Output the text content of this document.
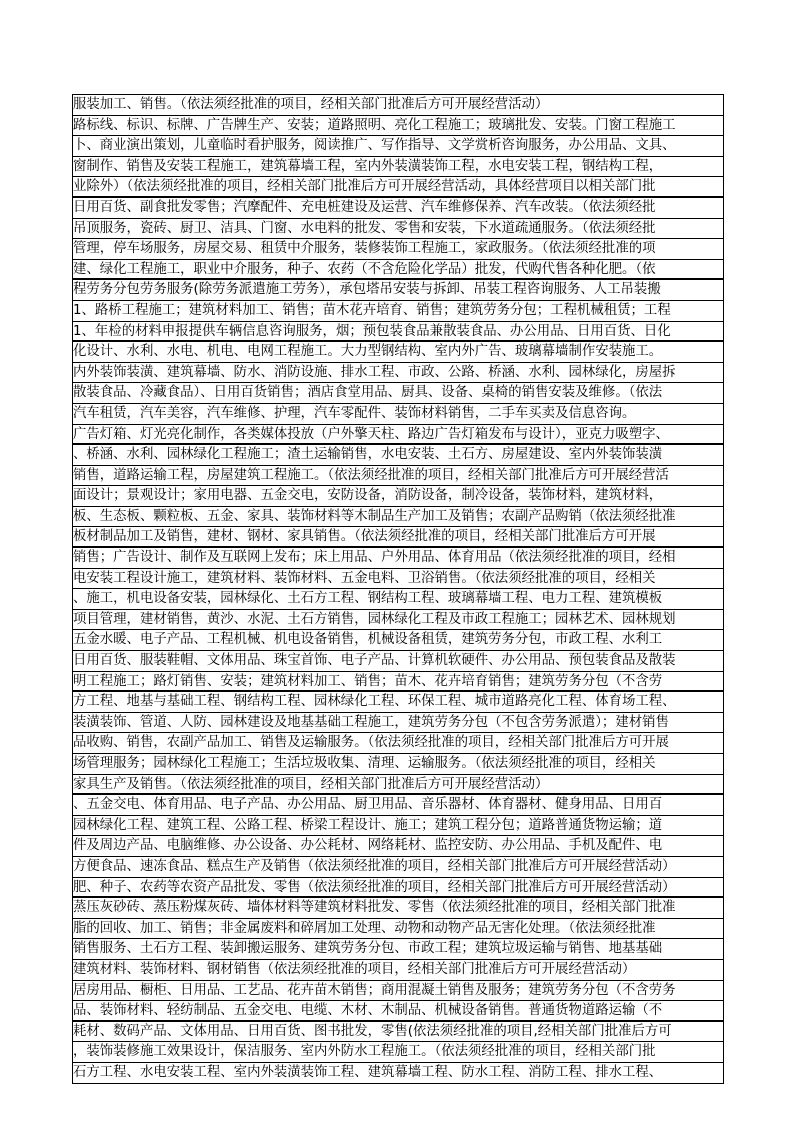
服装加工、销售。（依法须经批准的项目，经相关部门批准后方可开展经营活动）
路标线、标识、标牌、广告牌生产、安装；道路照明、亮化工程施工；玻璃批发、安装。门窗工程施工
卜、商业演出策划，儿童临时看护服务，阅读推广、写作指导、文学赏析咨询服务，办公用品、文具、
窗制作、销售及安装工程施工，建筑幕墙工程，室内外装潢装饰工程，水电安装工程，钢结构工程，
业除外）（依法须经批准的项目，经相关部门批准后方可开展经营活动，具体经营项目以相关部门批
日用百货、副食批发零售；汽摩配件、充电桩建设及运营、汽车维修保养、汽车改装。（依法须经批
吊顶服务，瓷砖、厨卫、洁具、门窗、水电料的批发、零售和安装，下水道疏通服务。（依法须经批
管理，停车场服务，房屋交易、租赁中介服务，装修装饰工程施工，家政服务。（依法须经批准的项
建、绿化工程施工，职业中介服务，种子、农药（不含危险化学品）批发，代购代售各种化肥。（依
程劳务分包劳务服务(除劳务派遣施工劳务），承包塔吊安装与拆卸、吊装工程咨询服务、人工吊装搬
1、路桥工程施工；建筑材料加工、销售；苗木花卉培育、销售；建筑劳务分包；工程机械租赁；工程
1、年检的材料申报提供车辆信息咨询服务，烟；预包装食品兼散装食品、办公用品、日用百货、日化
化设计、水利、水电、机电、电网工程施工。大力型钢结构、室内外广告、玻璃幕墙制作安装施工。
内外装饰装潢、建筑幕墙、防水、消防设施、排水工程、市政、公路、桥涵、水利、园林绿化，房屋拆
散装食品、冷藏食品）、日用百货销售；酒店食堂用品、厨具、设备、桌椅的销售安装及维修。（依法
汽车租赁，汽车美容，汽车维修、护理，汽车零配件、装饰材料销售，二手车买卖及信息咨询。
广告灯箱、灯光亮化制作，各类媒体投放（户外擎天柱、路边广告灯箱发布与设计），亚克力吸塑字、
、桥涵、水利、园林绿化工程施工；渣土运输销售，水电安装、土石方、房屋建设、室内外装饰装潢
销售，道路运输工程，房屋建筑工程施工。（依法须经批准的项目，经相关部门批准后方可开展经营活
面设计；景观设计；家用电器、五金交电，安防设备，消防设备，制冷设备，装饰材料，建筑材料，
板、生态板、颗粒板、五金、家具、装饰材料等木制品生产加工及销售；农副产品购销（依法须经批准
板材制品加工及销售，建材、钢材、家具销售。（依法须经批准的项目，经相关部门批准后方可开展
销售；广告设计、制作及互联网上发布；床上用品、户外用品、体育用品（依法须经批准的项目，经相
电安装工程设计施工，建筑材料、装饰材料、五金电料、卫浴销售。（依法须经批准的项目，经相关
、施工，机电设备安装，园林绿化、土石方工程、钢结构工程、玻璃幕墙工程、电力工程、建筑模板
项目管理，建材销售，黄沙、水泥、土石方销售，园林绿化工程及市政工程施工；园林艺术、园林规划
五金水暖、电子产品、工程机械、机电设备销售，机械设备租赁，建筑劳务分包，市政工程、水利工
日用百货、服装鞋帽、文体用品、珠宝首饰、电子产品、计算机软硬件、办公用品、预包装食品及散装
明工程施工；路灯销售、安装；建筑材料加工、销售；苗木、花卉培育销售；建筑劳务分包（不含劳
方工程、地基与基础工程、钢结构工程、园林绿化工程、环保工程、城市道路亮化工程、体育场工程、
装潢装饰、管道、人防、园林建设及地基基础工程施工，建筑劳务分包（不包含劳务派遣）；建材销售
品收购、销售，农副产品加工、销售及运输服务。（依法须经批准的项目，经相关部门批准后方可开展
场管理服务；园林绿化工程施工；生活垃圾收集、清理、运输服务。（依法须经批准的项目，经相关
家具生产及销售。（依法须经批准的项目，经相关部门批准后方可开展经营活动）
、五金交电、体育用品、电子产品、办公用品、厨卫用品、音乐器材、体育器材、健身用品、日用百
园林绿化工程、建筑工程、公路工程、桥梁工程设计、施工；建筑工程分包；道路普通货物运输；道
件及周边产品、电脑维修、办公设备、办公耗材、网络耗材、监控安防、办公用品、手机及配件、电
方便食品、速冻食品、糕点生产及销售（依法须经批准的项目，经相关部门批准后方可开展经营活动）
肥、种子、农药等农资产品批发、零售（依法须经批准的项目，经相关部门批准后方可开展经营活动）
蒸压灰砂砖、蒸压粉煤灰砖、墙体材料等建筑材料批发、零售（依法须经批准的项目，经相关部门批准
脂的回收、加工、销售；非金属废料和碎屑加工处理、动物和动物产品无害化处理。（依法须经批准
销售服务、土石方工程、装卸搬运服务、建筑劳务分包、市政工程；建筑垃圾运输与销售、地基基础
建筑材料、装饰材料、钢材销售（依法须经批准的项目，经相关部门批准后方可开展经营活动）
居房用品、橱柜、日用品、工艺品、花卉苗木销售；商用混凝土销售及服务；建筑劳务分包（不含劳务
品、装饰材料、轻纺制品、五金交电、电缆、木材、木制品、机械设备销售。普通货物道路运输（不
耗材、数码产品、文体用品、日用百货、图书批发，零售(依法须经批准的项目,经相关部门批准后方可
，装饰装修施工效果设计，保洁服务、室内外防水工程施工。（依法须经批准的项目，经相关部门批
石方工程、水电安装工程、室内外装潢装饰工程、建筑幕墙工程、防水工程、消防工程、排水工程、
